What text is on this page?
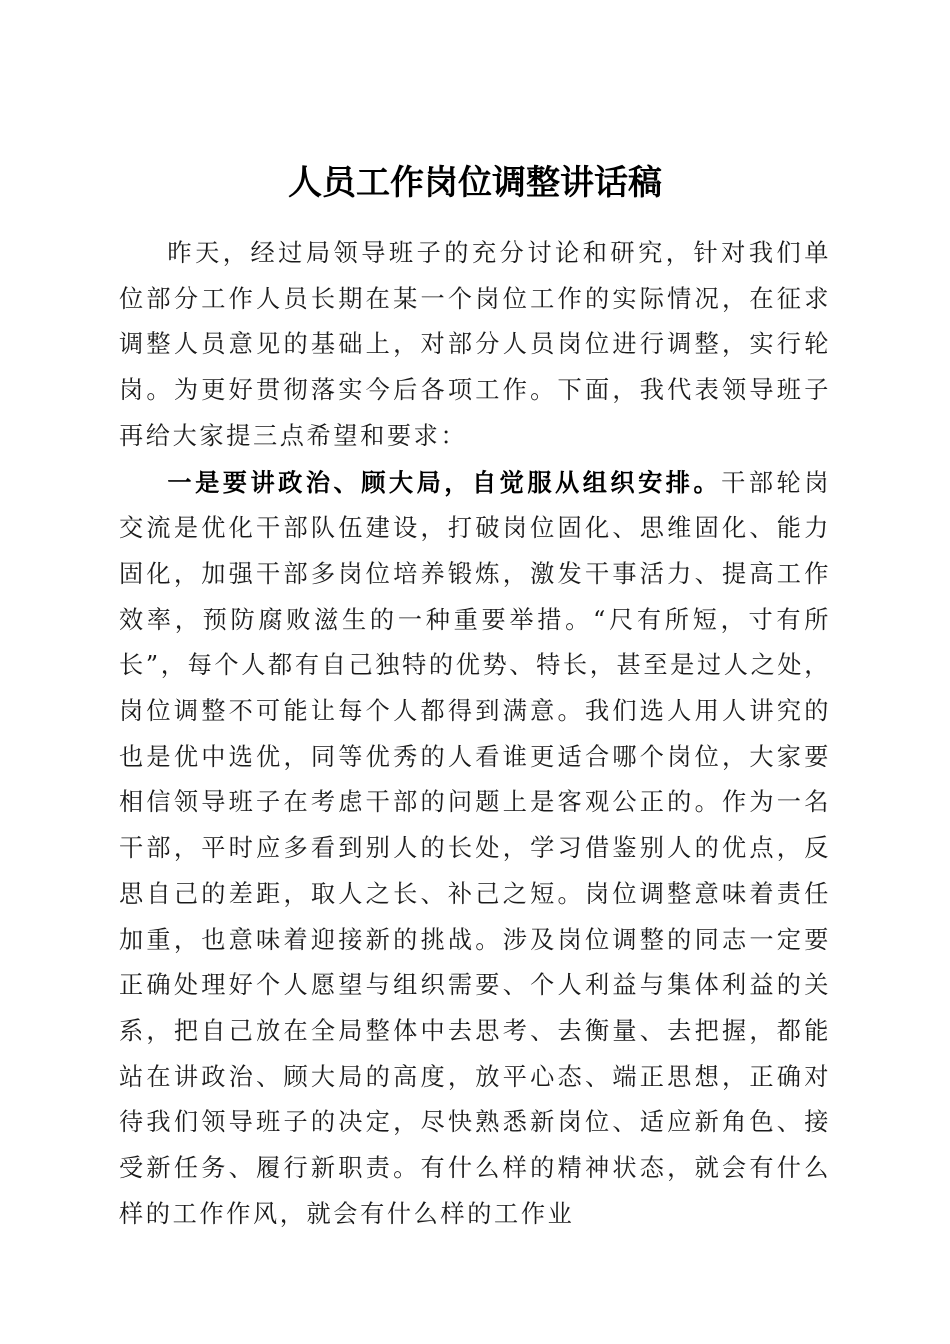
人员工作岗位调整讲话稿

昨天，经过局领导班子的充分讨论和研究，针对我们单位部分工作人员长期在某一个岗位工作的实际情况，在征求调整人员意见的基础上，对部分人员岗位进行调整，实行轮岗。为更好贯彻落实今后各项工作。下面，我代表领导班子再给大家提三点希望和要求：

一是要讲政治、顾大局，自觉服从组织安排。干部轮岗交流是优化干部队伍建设，打破岗位固化、思维固化、能力固化，加强干部多岗位培养锻炼，激发干事活力、提高工作效率，预防腐败滋生的一种重要举措。“尺有所短，寸有所长”，每个人都有自己独特的优势、特长，甚至是过人之处，岗位调整不可能让每个人都得到满意。我们选人用人讲究的也是优中选优，同等优秀的人看谁更适合哪个岗位，大家要相信领导班子在考虑干部的问题上是客观公正的。作为一名干部，平时应多看到别人的长处，学习借鉴别人的优点，反思自己的差距，取人之长、补己之短。岗位调整意味着责任加重，也意味着迎接新的挑战。涉及岗位调整的同志一定要正确处理好个人愿望与组织需要、个人利益与集体利益的关系，把自己放在全局整体中去思考、去衡量、去把握，都能站在讲政治、顾大局的高度，放平心态、端正思想，正确对待我们领导班子的决定，尽快熟悉新岗位、适应新角色、接受新任务、履行新职责。有什么样的精神状态，就会有什么样的工作作风，就会有什么样的工作业
